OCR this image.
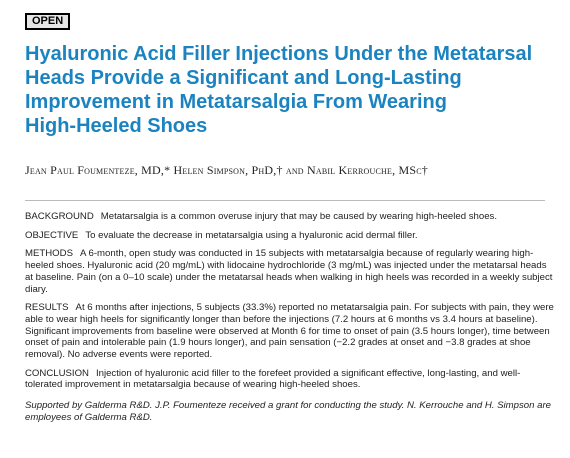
OPEN
Hyaluronic Acid Filler Injections Under the Metatarsal
Heads Provide a Significant and Long-Lasting
Improvement in Metatarsalgia From Wearing
High-Heeled Shoes
Jean Paul Foumenteze, MD,* Helen Simpson, PhD,† and Nabil Kerrouche, MSc†

BACKGROUND Metatarsalgia is a common overuse injury that may be caused by wearing high-heeled shoes.

OBJECTIVE To evaluate the decrease in metatarsalgia using a hyaluronic acid dermal filler.

METHODS A 6-month, open study was conducted in 15 subjects with metatarsalgia because of regularly wearing high-heeled shoes. Hyaluronic acid (20 mg/mL) with lidocaine hydrochloride (3 mg/mL) was injected under the metatarsal heads at baseline. Pain (on a 0–10 scale) under the metatarsal heads when walking in high heels was recorded in a weekly subject diary.

RESULTS At 6 months after injections, 5 subjects (33.3%) reported no metatarsalgia pain. For subjects with pain, they were able to wear high heels for significantly longer than before the injections (7.2 hours at 6 months vs 3.4 hours at baseline). Significant improvements from baseline were observed at Month 6 for time to onset of pain (3.5 hours longer), time between onset of pain and intolerable pain (1.9 hours longer), and pain sensation (−2.2 grades at onset and −3.8 grades at shoe removal). No adverse events were reported.

CONCLUSION Injection of hyaluronic acid filler to the forefeet provided a significant effective, long-lasting, and well-tolerated improvement in metatarsalgia because of wearing high-heeled shoes.

Supported by Galderma R&D. J.P. Foumenteze received a grant for conducting the study. N. Kerrouche and H. Simpson are employees of Galderma R&D.
